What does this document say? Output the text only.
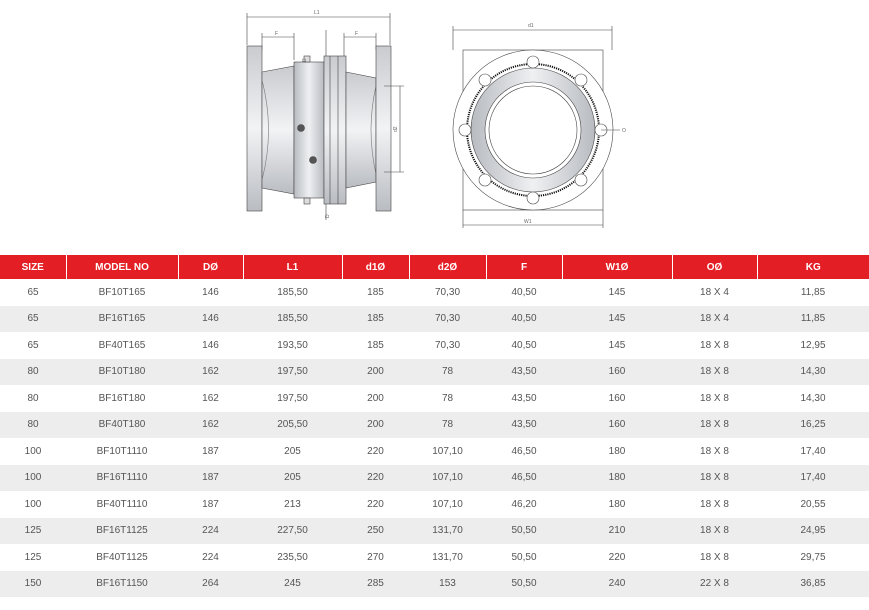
L1
F	F
d2
D
D
d1
W1
O
SIZE	MODEL NO	DØ	L1	d1Ø	d2Ø	F	W1Ø	OØ	KG
65	BF10T165	146	185,50	185	70,30	40,50	145	18 X 4	11,85
65	BF16T165	146	185,50	185	70,30	40,50	145	18 X 4	11,85
65	BF40T165	146	193,50	185	70,30	40,50	145	18 X 8	12,95
80	BF10T180	162	197,50	200	78	43,50	160	18 X 8	14,30
80	BF16T180	162	197,50	200	78	43,50	160	18 X 8	14,30
80	BF40T180	162	205,50	200	78	43,50	160	18 X 8	16,25
100	BF10T1110	187	205	220	107,10	46,50	180	18 X 8	17,40
100	BF16T1110	187	205	220	107,10	46,50	180	18 X 8	17,40
100	BF40T1110	187	213	220	107,10	46,20	180	18 X 8	20,55
125	BF16T1125	224	227,50	250	131,70	50,50	210	18 X 8	24,95
125	BF40T1125	224	235,50	270	131,70	50,50	220	18 X 8	29,75
150	BF16T1150	264	245	285	153	50,50	240	22 X 8	36,85
